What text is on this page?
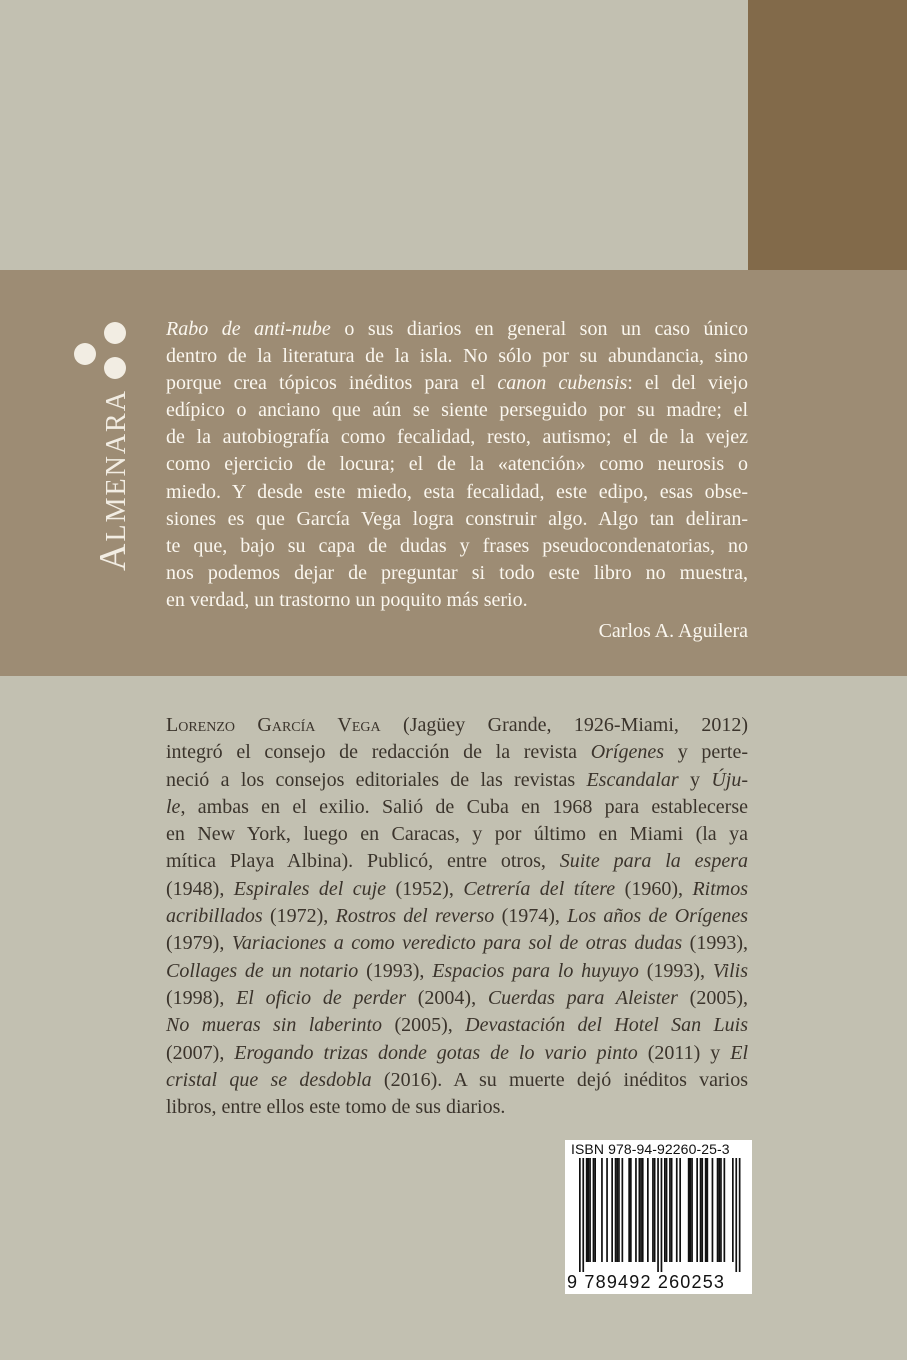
ALMENARA
Rabo de anti-nube o sus diarios en general son un caso único
dentro de la literatura de la isla. No sólo por su abundancia, sino
porque crea tópicos inéditos para el canon cubensis: el del viejo
edípico o anciano que aún se siente perseguido por su madre; el
de la autobiografía como fecalidad, resto, autismo; el de la vejez
como ejercicio de locura; el de la «atención» como neurosis o
miedo. Y desde este miedo, esta fecalidad, este edipo, esas obse-
siones es que García Vega logra construir algo. Algo tan deliran-
te que, bajo su capa de dudas y frases pseudocondenatorias, no
nos podemos dejar de preguntar si todo este libro no muestra,
en verdad, un trastorno un poquito más serio.
Carlos A. Aguilera
Lorenzo García Vega (Jagüey Grande, 1926-Miami, 2012)
integró el consejo de redacción de la revista Orígenes y perte-
neció a los consejos editoriales de las revistas Escandalar y Úju-
le, ambas en el exilio. Salió de Cuba en 1968 para establecerse
en New York, luego en Caracas, y por último en Miami (la ya
mítica Playa Albina). Publicó, entre otros, Suite para la espera
(1948), Espirales del cuje (1952), Cetrería del títere (1960), Ritmos
acribillados (1972), Rostros del reverso (1974), Los años de Orígenes
(1979), Variaciones a como veredicto para sol de otras dudas (1993),
Collages de un notario (1993), Espacios para lo huyuyo (1993), Vilis
(1998), El oficio de perder (2004), Cuerdas para Aleister (2005),
No mueras sin laberinto (2005), Devastación del Hotel San Luis
(2007), Erogando trizas donde gotas de lo vario pinto (2011) y El
cristal que se desdobla (2016). A su muerte dejó inéditos varios
libros, entre ellos este tomo de sus diarios.
ISBN 978-94-92260-25-3
9 789492 260253
